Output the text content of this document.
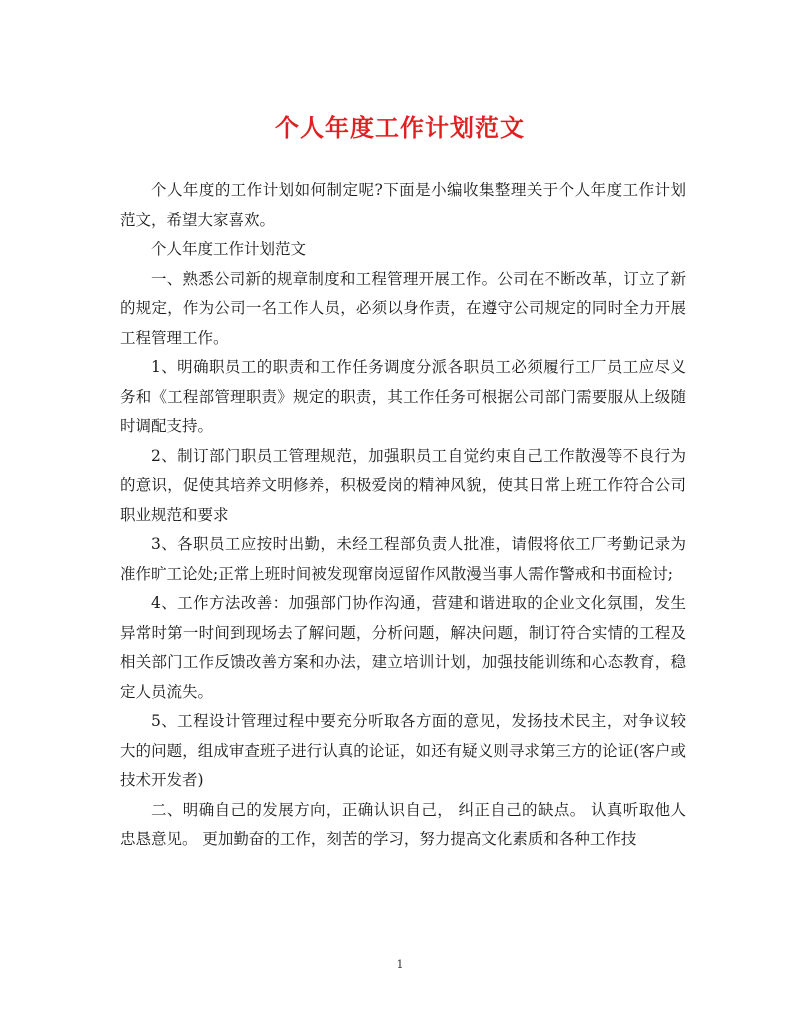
个人年度工作计划范文

个人年度的工作计划如何制定呢?下面是小编收集整理关于个人年度工作计划范文，希望大家喜欢。

个人年度工作计划范文

一、熟悉公司新的规章制度和工程管理开展工作。公司在不断改革，订立了新的规定，作为公司一名工作人员，必须以身作责，在遵守公司规定的同时全力开展工程管理工作。

1、明确职员工的职责和工作任务调度分派各职员工必须履行工厂员工应尽义务和《工程部管理职责》规定的职责，其工作任务可根据公司部门需要服从上级随时调配支持。

2、制订部门职员工管理规范，加强职员工自觉约束自己工作散漫等不良行为的意识，促使其培养文明修养，积极爱岗的精神风貌，使其日常上班工作符合公司职业规范和要求

3、各职员工应按时出勤，未经工程部负责人批准，请假将依工厂考勤记录为准作旷工论处;正常上班时间被发现窜岗逗留作风散漫当事人需作警戒和书面检讨;

4、工作方法改善：加强部门协作沟通，营建和谐进取的企业文化氛围，发生异常时第一时间到现场去了解问题，分析问题，解决问题，制订符合实情的工程及相关部门工作反馈改善方案和办法，建立培训计划，加强技能训练和心态教育，稳定人员流失。

5、工程设计管理过程中要充分听取各方面的意见，发扬技术民主，对争议较大的问题，组成审查班子进行认真的论证，如还有疑义则寻求第三方的论证(客户或技术开发者)

二、明确自己的发展方向，正确认识自己， 纠正自己的缺点。 认真听取他人忠恳意见。 更加勤奋的工作，刻苦的学习，努力提高文化素质和各种工作技

1
